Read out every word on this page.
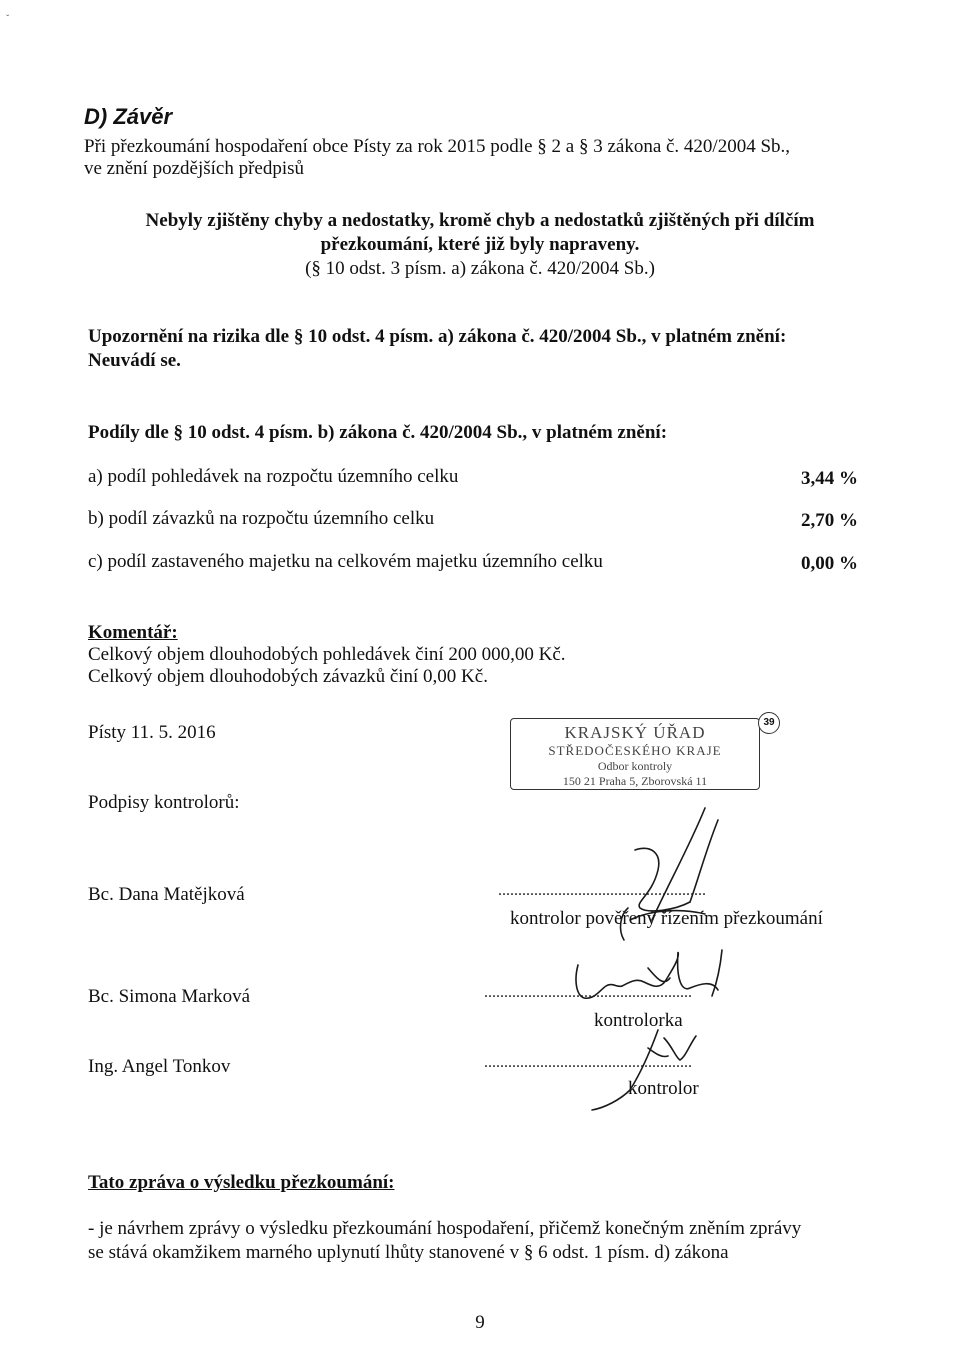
ˇ
D) Závěr
Při přezkoumání hospodaření obce Písty za rok 2015 podle § 2 a § 3 zákona č. 420/2004 Sb.,
ve znění pozdějších předpisů
Nebyly zjištěny chyby a nedostatky, kromě chyb a nedostatků zjištěných při dílčím
přezkoumání, které již byly napraveny.
(§ 10 odst. 3 písm. a) zákona č. 420/2004 Sb.)
Upozornění na rizika dle § 10 odst. 4 písm. a) zákona č. 420/2004 Sb., v platném znění:
Neuvádí se.
Podíly dle § 10 odst. 4 písm. b) zákona č. 420/2004 Sb., v platném znění:
a) podíl pohledávek na rozpočtu územního celku	3,44 %
b) podíl závazků na rozpočtu územního celku	2,70 %
c) podíl zastaveného majetku na celkovém majetku územního celku	0,00 %
Komentář:
Celkový objem dlouhodobých pohledávek činí 200 000,00 Kč.
Celkový objem dlouhodobých závazků činí 0,00 Kč.
Písty 11. 5. 2016
Podpisy kontrolorů:
KRAJSKÝ ÚŘAD
STŘEDOČESKÉHO KRAJE
Odbor kontroly
150 21 Praha 5, Zborovská 11
39
Bc. Dana Matějková	....................................................
kontrolor pověřený řízením přezkoumání
Bc. Simona Marková	....................................................
kontrolorka
Ing. Angel Tonkov	....................................................
kontrolor
Tato zpráva o výsledku přezkoumání:
- je návrhem zprávy o výsledku přezkoumání hospodaření, přičemž konečným zněním zprávy
se stává okamžikem marného uplynutí lhůty stanovené v § 6 odst. 1 písm. d) zákona
9
